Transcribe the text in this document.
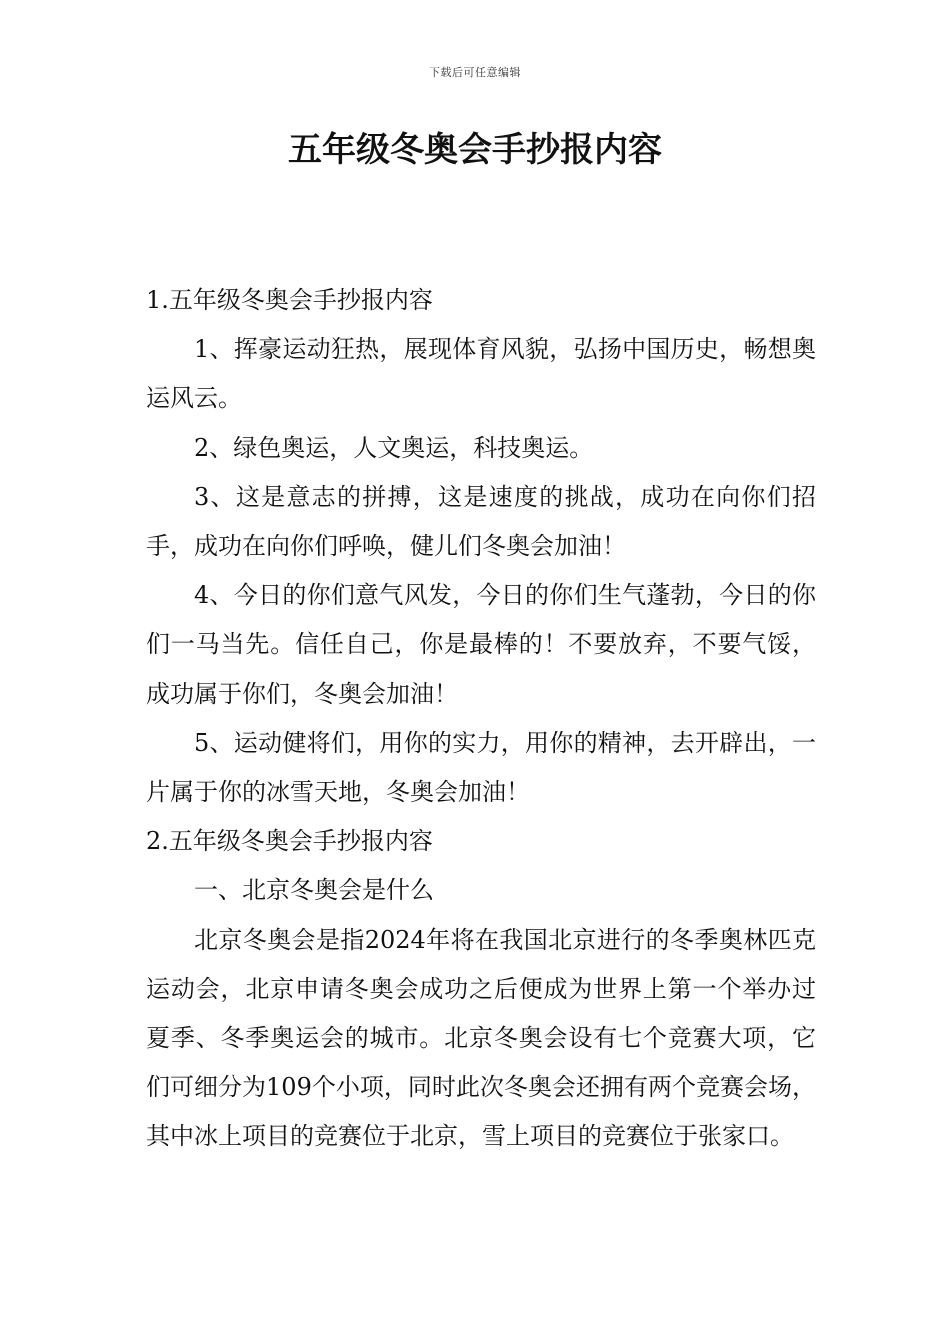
下载后可任意编辑
五年级冬奥会手抄报内容

1.五年级冬奥会手抄报内容

1、挥豪运动狂热，展现体育风貌，弘扬中国历史，畅想奥运风云。

2、绿色奥运，人文奥运，科技奥运。

3、这是意志的拼搏，这是速度的挑战，成功在向你们招手，成功在向你们呼唤，健儿们冬奥会加油！

4、今日的你们意气风发，今日的你们生气蓬勃，今日的你们一马当先。信任自己，你是最棒的！不要放弃，不要气馁，成功属于你们，冬奥会加油！

5、运动健将们，用你的实力，用你的精神，去开辟出，一片属于你的冰雪天地，冬奥会加油！

2.五年级冬奥会手抄报内容

一、北京冬奥会是什么

北京冬奥会是指2024年将在我国北京进行的冬季奥林匹克运动会，北京申请冬奥会成功之后便成为世界上第一个举办过夏季、冬季奥运会的城市。北京冬奥会设有七个竞赛大项，它们可细分为109个小项，同时此次冬奥会还拥有两个竞赛会场，其中冰上项目的竞赛位于北京，雪上项目的竞赛位于张家口。
